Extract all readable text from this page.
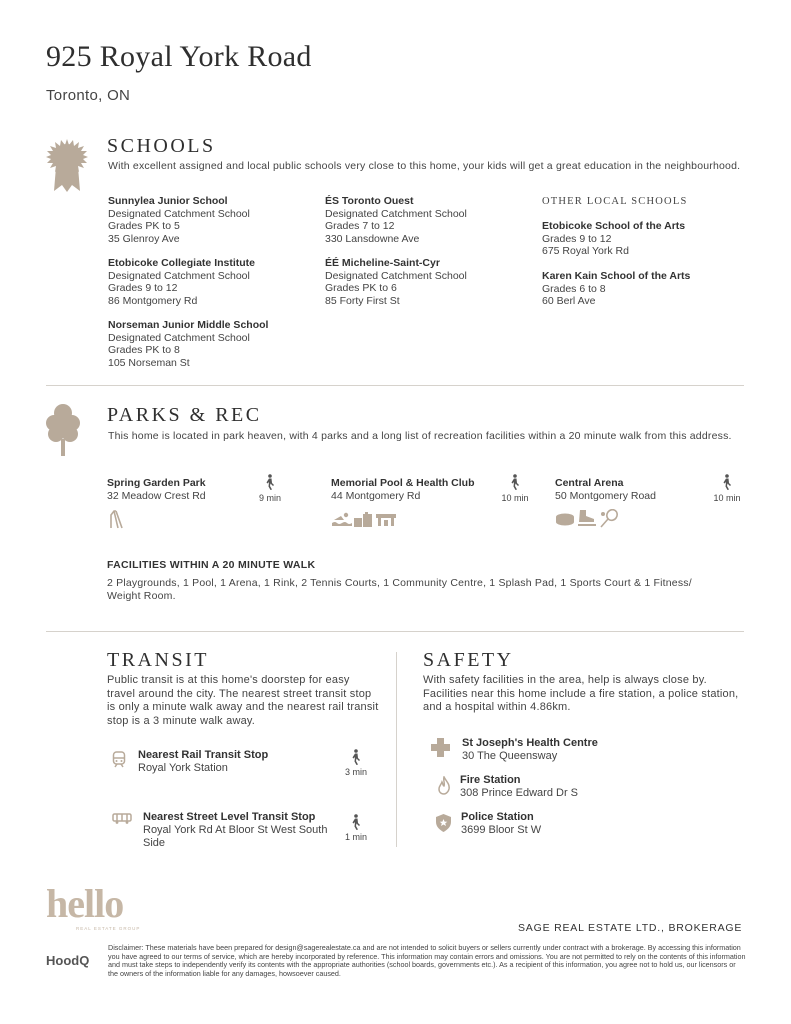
925 Royal York Road
Toronto, ON
SCHOOLS
With excellent assigned and local public schools very close to this home, your kids will get a great education in the neighbourhood.
Sunnylea Junior School
Designated Catchment School
Grades PK to 5
35 Glenroy Ave
Etobicoke Collegiate Institute
Designated Catchment School
Grades 9 to 12
86 Montgomery Rd
Norseman Junior Middle School
Designated Catchment School
Grades PK to 8
105 Norseman St
ÉS Toronto Ouest
Designated Catchment School
Grades 7 to 12
330 Lansdowne Ave
ÉÉ Micheline-Saint-Cyr
Designated Catchment School
Grades PK to 6
85 Forty First St
OTHER LOCAL SCHOOLS
Etobicoke School of the Arts
Grades 9 to 12
675 Royal York Rd
Karen Kain School of the Arts
Grades 6 to 8
60 Berl Ave
PARKS & REC
This home is located in park heaven, with 4 parks and a long list of recreation facilities within a 20 minute walk from this address.
Spring Garden Park
32 Meadow Crest Rd	9 min
Memorial Pool & Health Club
44 Montgomery Rd	10 min
Central Arena
50 Montgomery Road	10 min
FACILITIES WITHIN A 20 MINUTE WALK
2 Playgrounds, 1 Pool, 1 Arena, 1 Rink, 2 Tennis Courts, 1 Community Centre, 1 Splash Pad, 1 Sports Court & 1 Fitness/ Weight Room.
TRANSIT
Public transit is at this home's doorstep for easy travel around the city. The nearest street transit stop is only a minute walk away and the nearest rail transit stop is a 3 minute walk away.
Nearest Rail Transit Stop
Royal York Station	3 min
Nearest Street Level Transit Stop
Royal York Rd At Bloor St West South Side	1 min
SAFETY
With safety facilities in the area, help is always close by. Facilities near this home include a fire station, a police station, and a hospital within 4.86km.
St Joseph's Health Centre
30 The Queensway
Fire Station
308 Prince Edward Dr S
Police Station
3699 Bloor St W
hello
REAL ESTATE GROUP	SAGE REAL ESTATE LTD., BROKERAGE
HoodQ
Disclaimer: These materials have been prepared for design@sagerealestate.ca and are not intended to solicit buyers or sellers currently under contract with a brokerage. By accessing this information you have agreed to our terms of service, which are hereby incorporated by reference. This information may contain errors and omissions. You are not permitted to rely on the contents of this information and must take steps to independently verify its contents with the appropriate authorities (school boards, governments etc.). As a recipient of this information, you agree not to hold us, our licensors or the owners of the information liable for any damages, howsoever caused.
